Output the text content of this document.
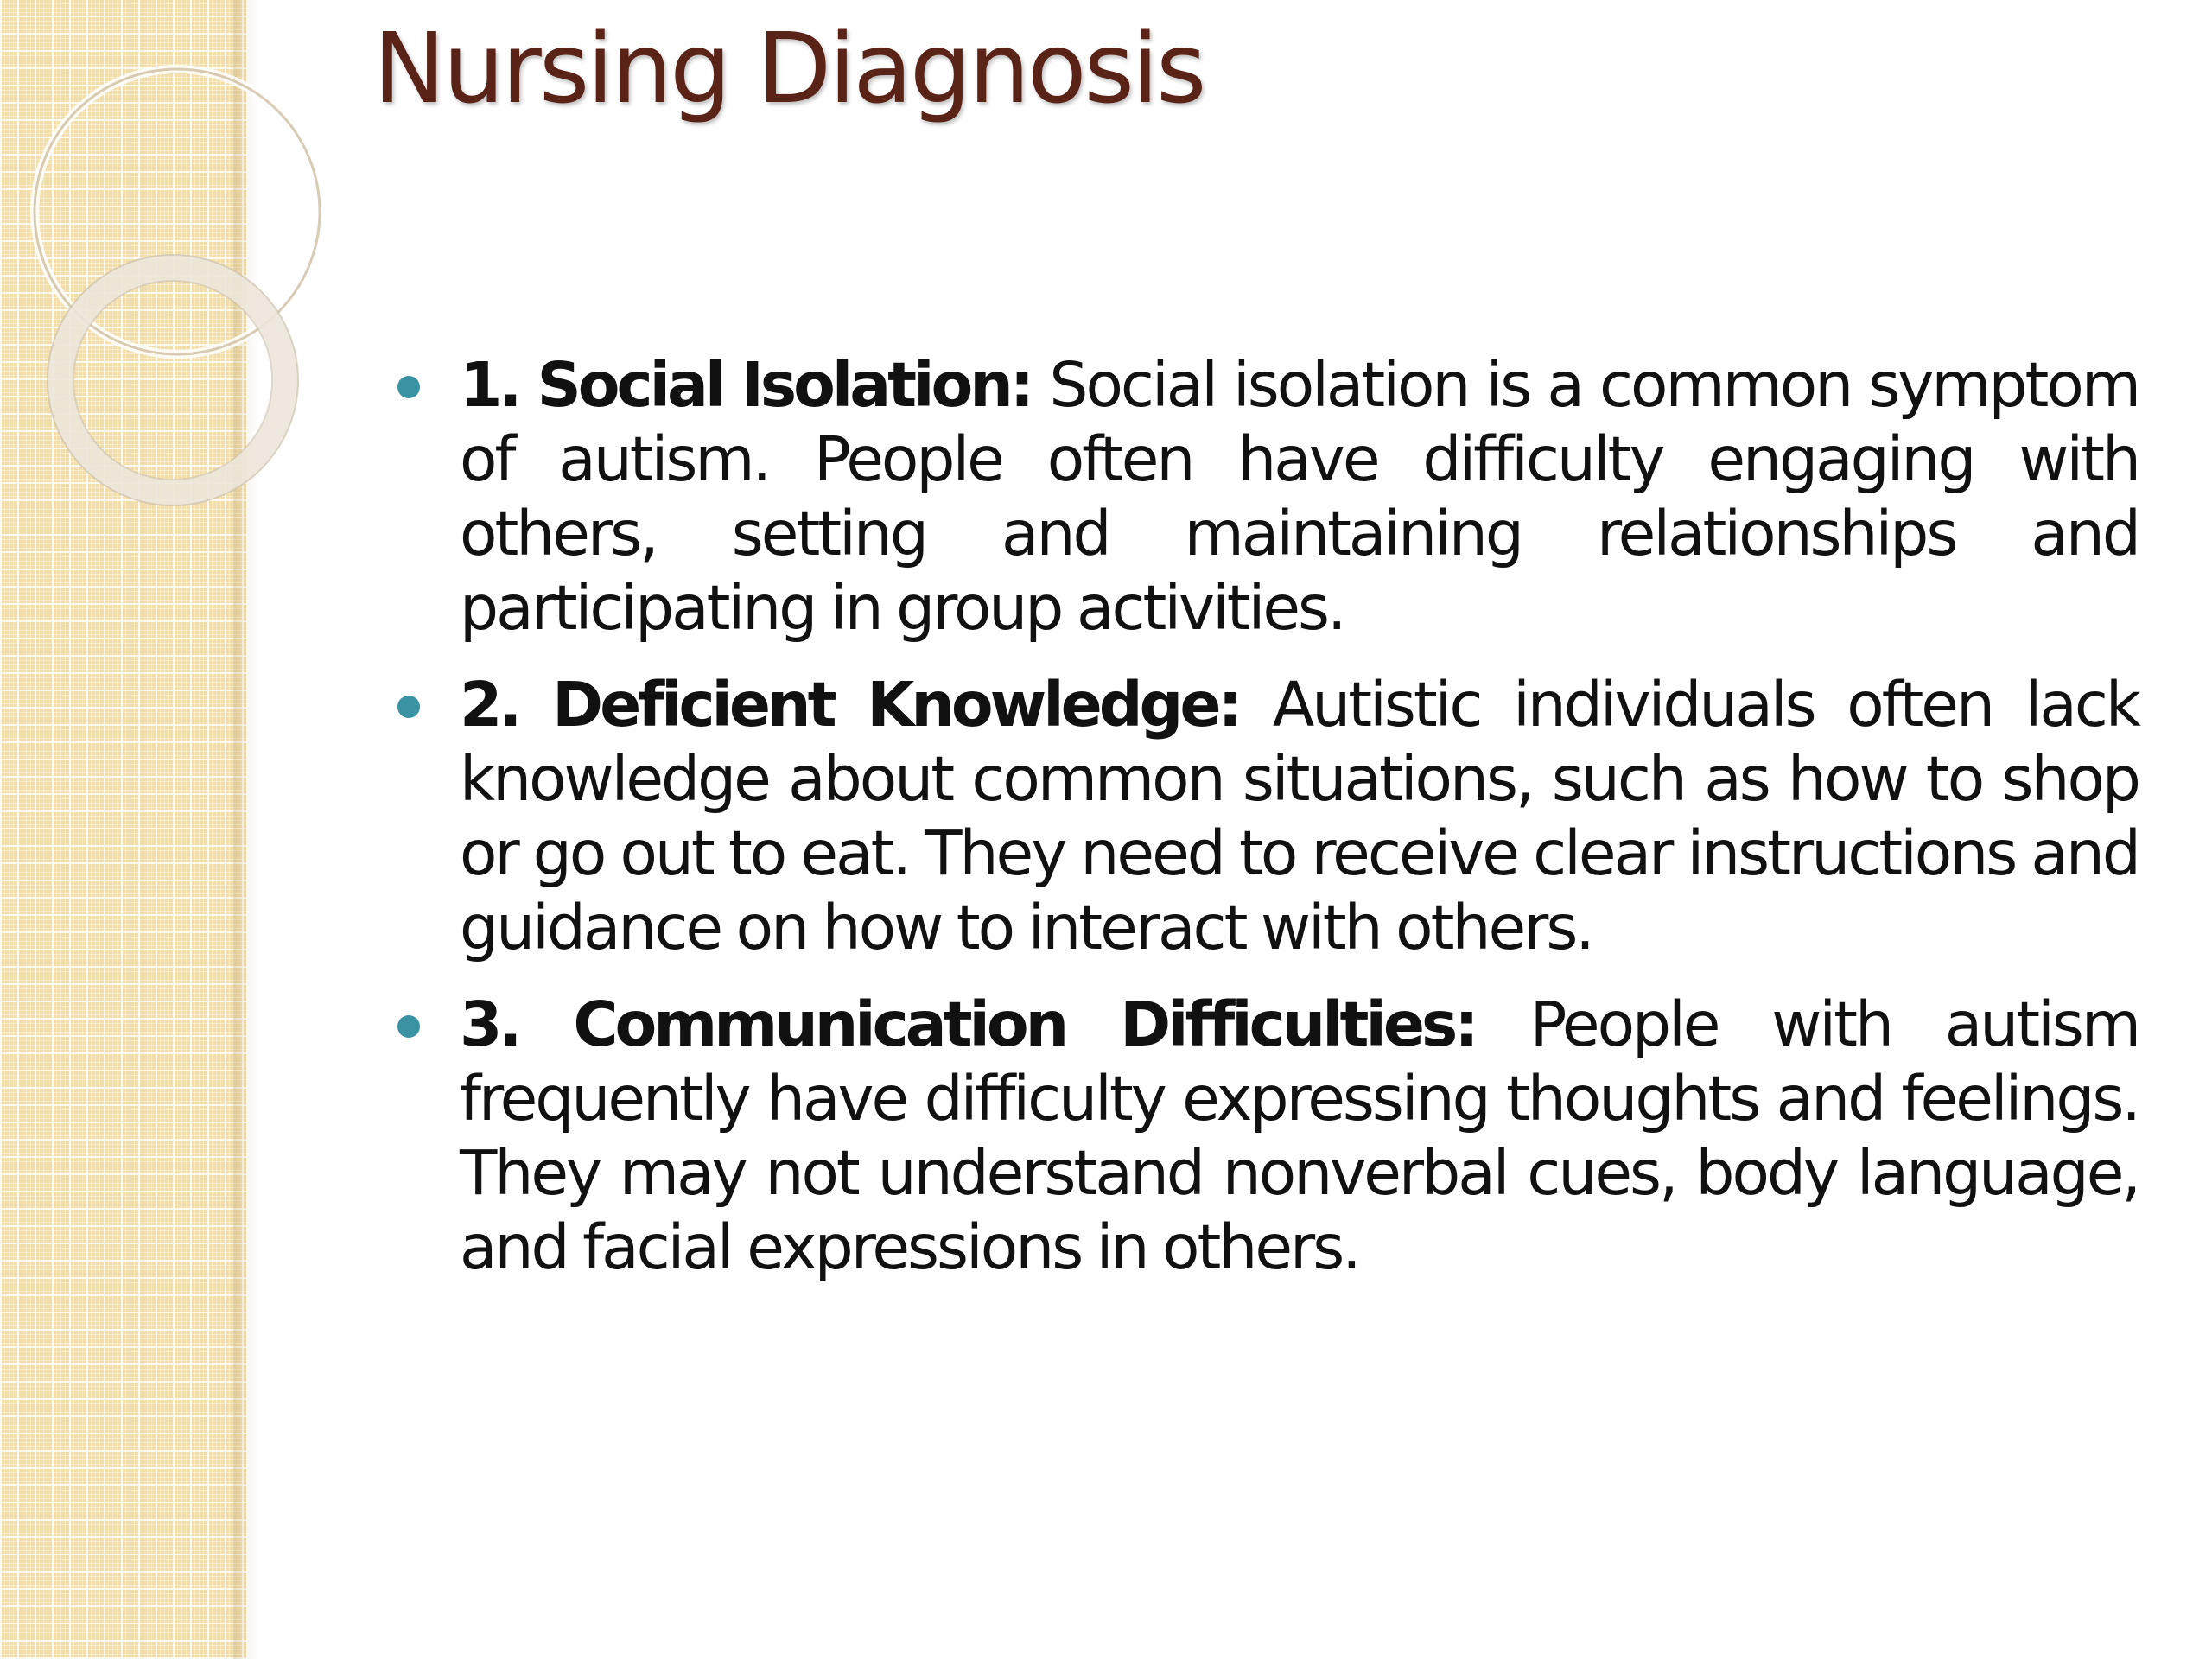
Nursing Diagnosis
1. Social Isolation: Social isolation is a common symptom of autism. People often have difficulty engaging with others, setting and maintaining relationships and participating in group activities.
2. Deficient Knowledge: Autistic individuals often lack knowledge about common situations, such as how to shop or go out to eat. They need to receive clear instructions and guidance on how to interact with others.
3. Communication Difficulties: People with autism frequently have difficulty expressing thoughts and feelings. They may not understand nonverbal cues, body language, and facial expressions in others.
